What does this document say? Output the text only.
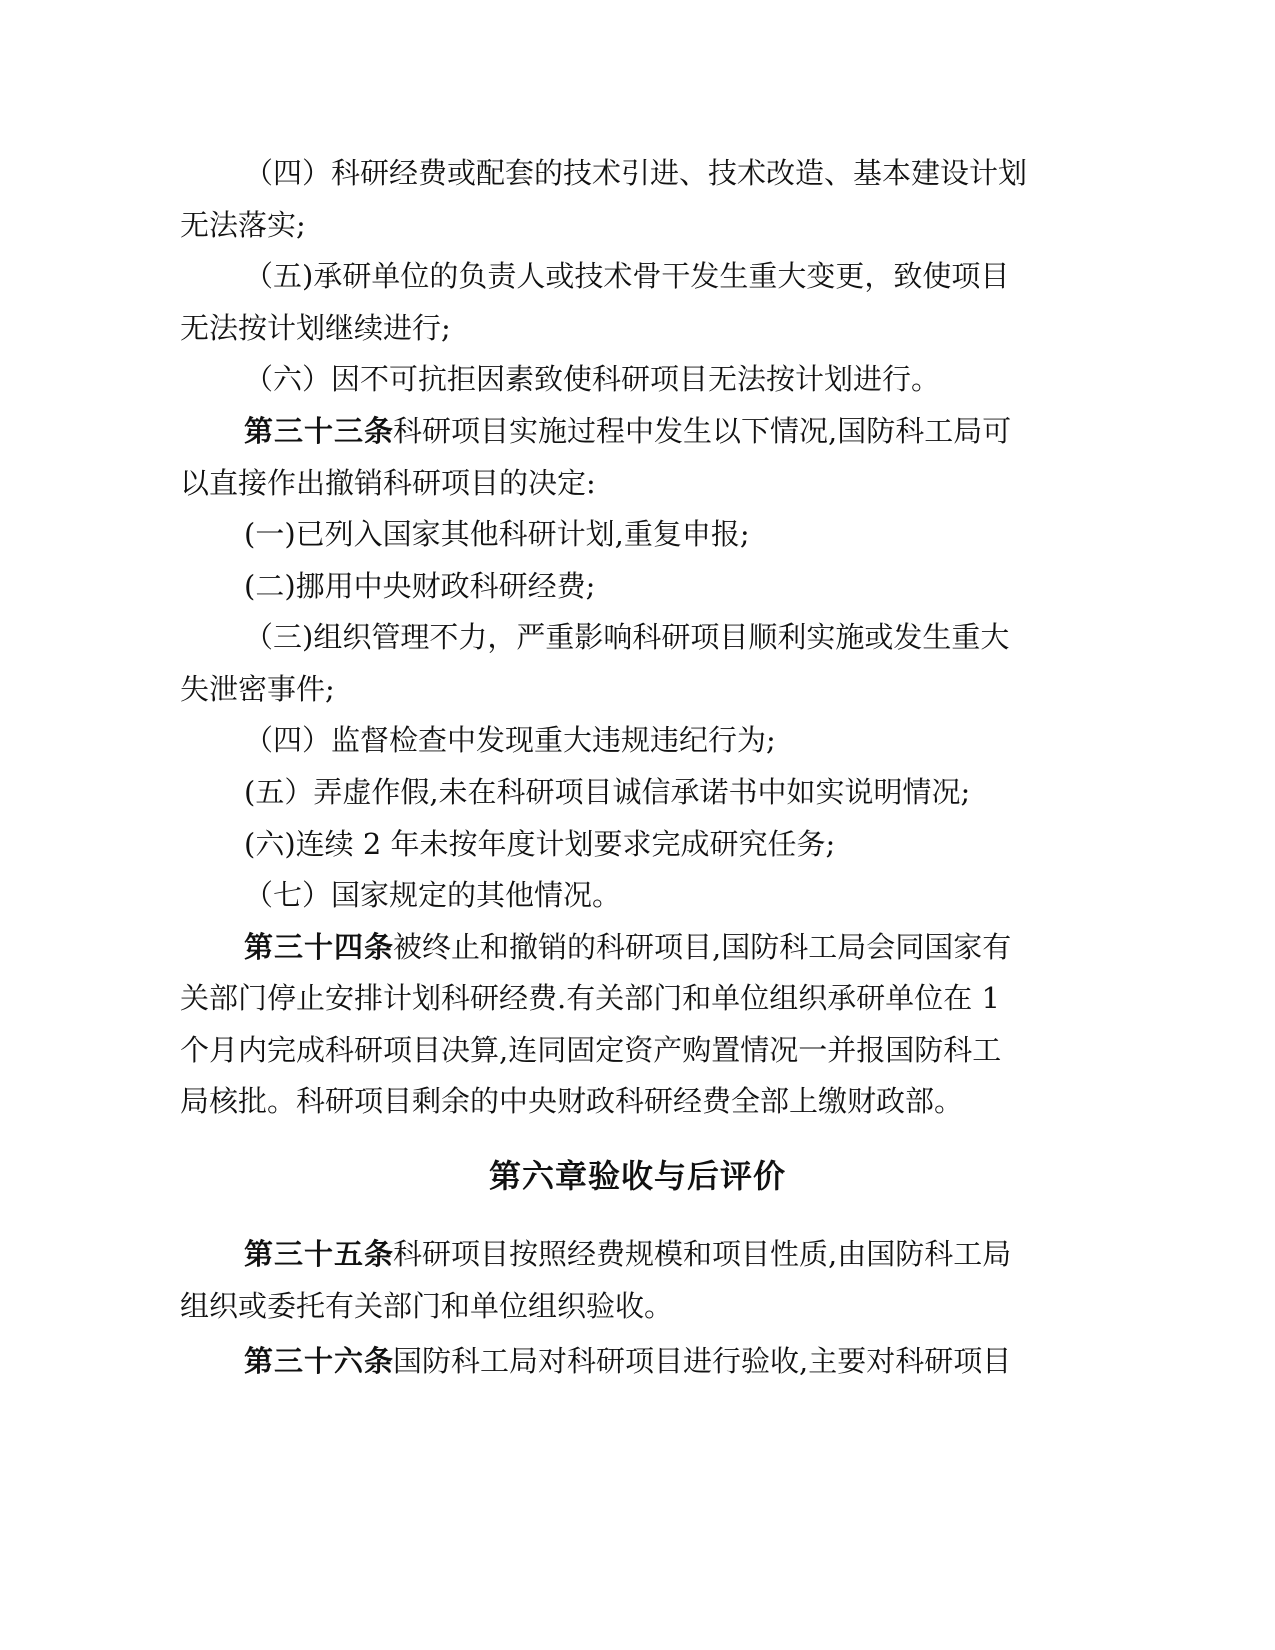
（四）科研经费或配套的技术引进、技术改造、基本建设计划
无法落实;
（五)承研单位的负责人或技术骨干发生重大变更，致使项目
无法按计划继续进行;
（六）因不可抗拒因素致使科研项目无法按计划进行。
第三十三条
科研项目实施过程中发生以下情况,国防科工局可
以直接作出撤销科研项目的决定:
(一)已列入国家其他科研计划,重复申报;
(二)挪用中央财政科研经费;
（三)组织管理不力，严重影响科研项目顺利实施或发生重大
失泄密事件;
（四）监督检查中发现重大违规违纪行为;
(五）弄虚作假,未在科研项目诚信承诺书中如实说明情况;
(六)连续 2 年未按年度计划要求完成研究任务;
（七）国家规定的其他情况。
第三十四条
被终止和撤销的科研项目,国防科工局会同国家有
关部门停止安排计划科研经费.有关部门和单位组织承研单位在 1
个月内完成科研项目决算,连同固定资产购置情况一并报国防科工
局核批。科研项目剩余的中央财政科研经费全部上缴财政部。
第六章验收与后评价
第三十五条
科研项目按照经费规模和项目性质,由国防科工局
组织或委托有关部门和单位组织验收。
第三十六条
国防科工局对科研项目进行验收,主要对科研项目
